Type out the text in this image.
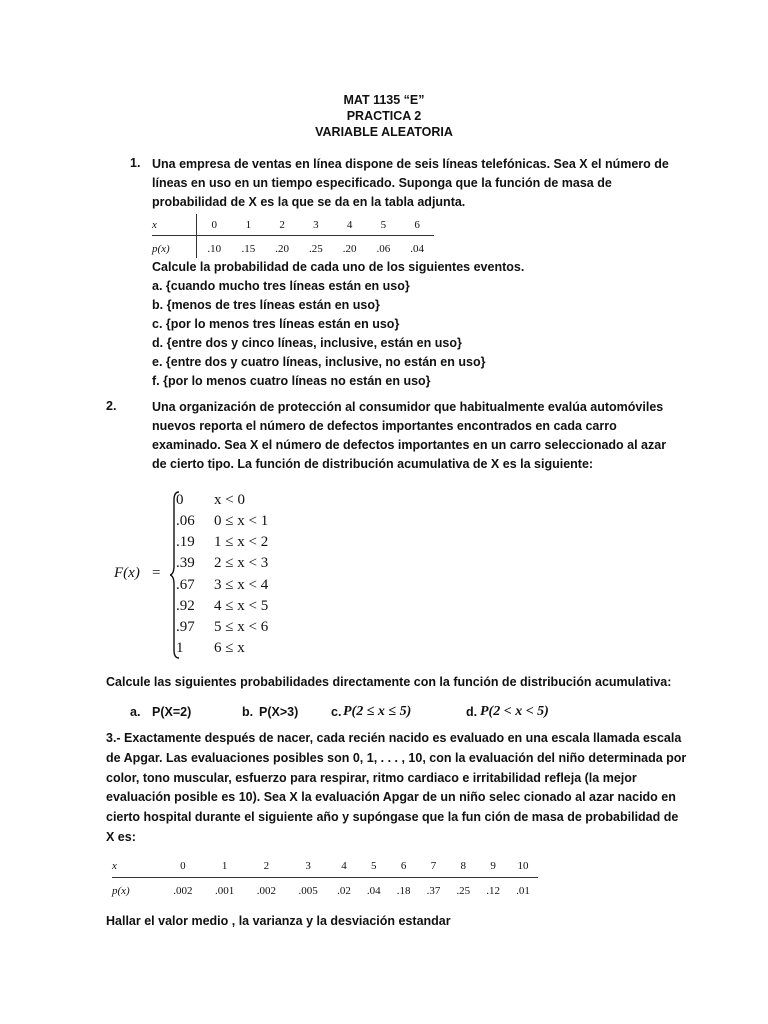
MAT 1135 “E”
PRACTICA 2
VARIABLE ALEATORIA
1. Una empresa de ventas en línea dispone de seis líneas telefónicas. Sea X el número de
líneas en uso en un tiempo especificado. Suponga que la función de masa de
probabilidad de X es la que se da en la tabla adjunta.
x	0	1	2	3	4	5	6
p(x)	.10	.15	.20	.25	.20	.06	.04
Calcule la probabilidad de cada uno de los siguientes eventos.
a. {cuando mucho tres líneas están en uso}
b. {menos de tres líneas están en uso}
c. {por lo menos tres líneas están en uso}
d. {entre dos y cinco líneas, inclusive, están en uso}
e. {entre dos y cuatro líneas, inclusive, no están en uso}
f. {por lo menos cuatro líneas no están en uso}
2.	Una organización de protección al consumidor que habitualmente evalúa automóviles
nuevos reporta el número de defectos importantes encontrados en cada carro
examinado. Sea X el número de defectos importantes en un carro seleccionado al azar
de cierto tipo. La función de distribución acumulativa de X es la siguiente:
F(x) =
0 x < 0
.06 0 ≤ x < 1
.19 1 ≤ x < 2
.39 2 ≤ x < 3
.67 3 ≤ x < 4
.92 4 ≤ x < 5
.97 5 ≤ x < 6
1 6 ≤ x
Calcule las siguientes probabilidades directamente con la función de distribución acumulativa:
a. P(X=2)	b. P(X>3)	c. P(2 ≤ x ≤ 5)	d. P(2 < x < 5)
3.- Exactamente después de nacer, cada recién nacido es evaluado en una escala llamada escala
de Apgar. Las evaluaciones posibles son 0, 1, . . . , 10, con la evaluación del niño determinada por
color, tono muscular, esfuerzo para respirar, ritmo cardiaco e irritabilidad refleja (la mejor
evaluación posible es 10). Sea X la evaluación Apgar de un niño selec cionado al azar nacido en
cierto hospital durante el siguiente año y supóngase que la fun ción de masa de probabilidad de
X es:
x	0	1	2	3	4	5	6	7	8	9	10
p(x)	.002	.001	.002	.005	.02	.04	.18	.37	.25	.12	.01
Hallar el valor medio , la varianza y la desviación estandar
